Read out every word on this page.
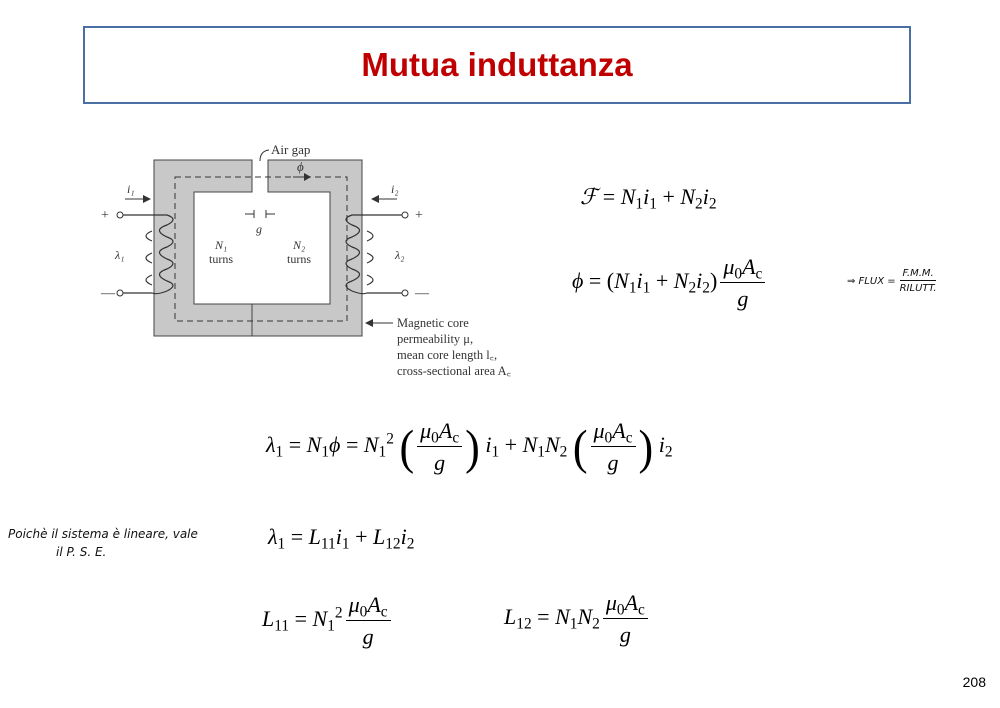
Mutua induttanza
ϕ
Air gap
g
i₁
+
—
λ₁
N₁
turns
i₂
+
—
λ₂
N₂
turns
Magnetic core
permeability μ,
mean core length l꜀,
cross-sectional area A꜀
ℱ = $N_1i_1 + N_2i_2$
$\phi = (N_1i_1 + N_2i_2) \frac{\mu_0A_c}{g}$	⇒ FLUX =
F.M.M.
RILUTT.
$\lambda_1 = N_1\phi = N_1^2$ ( $\frac{\mu_0A_c}{g}$ ) $i_1 + N_1N_2$ ( $\frac{\mu_0A_c}{g}$ ) $i_2$
Poichè il sistema è lineare, vale
il P. S. E.
$\lambda_1 = L_{11}i_1 + L_{12}i_2$
$L_{11} = N_1^2 \frac{\mu_0A_c}{g}$	$L_{12} = N_1N_2 \frac{\mu_0A_c}{g}$
208
